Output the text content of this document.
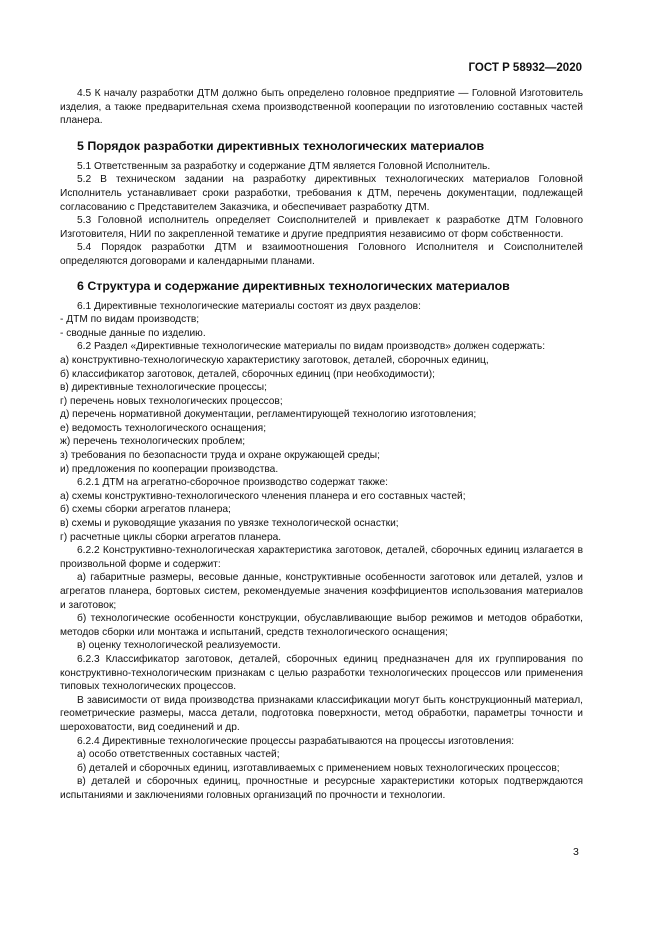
ГОСТ Р 58932—2020

4.5 К началу разработки ДТМ должно быть определено головное предприятие — Головной Изготовитель изделия, а также предварительная схема производственной кооперации по изготовлению составных частей планера.

5 Порядок разработки директивных технологических материалов

5.1 Ответственным за разработку и содержание ДТМ является Головной Исполнитель.

5.2 В техническом задании на разработку директивных технологических материалов Головной Исполнитель устанавливает сроки разработки, требования к ДТМ, перечень документации, подлежащей согласованию с Представителем Заказчика, и обеспечивает разработку ДТМ.

5.3 Головной исполнитель определяет Соисполнителей и привлекает к разработке ДТМ Головного Изготовителя, НИИ по закрепленной тематике и другие предприятия независимо от форм собственности.

5.4 Порядок разработки ДТМ и взаимоотношения Головного Исполнителя и Соисполнителей определяются договорами и календарными планами.

6 Структура и содержание директивных технологических материалов

6.1 Директивные технологические материалы состоят из двух разделов:

- ДТМ по видам производств;

- сводные данные по изделию.

6.2 Раздел «Директивные технологические материалы по видам производств» должен содержать:

а) конструктивно-технологическую характеристику заготовок, деталей, сборочных единиц,

б) классификатор заготовок, деталей, сборочных единиц (при необходимости);

в) директивные технологические процессы;

г) перечень новых технологических процессов;

д) перечень нормативной документации, регламентирующей технологию изготовления;

е) ведомость технологического оснащения;

ж) перечень технологических проблем;

з) требования по безопасности труда и охране окружающей среды;

и) предложения по кооперации производства.

6.2.1 ДТМ на агрегатно-сборочное производство содержат также:

а) схемы конструктивно-технологического членения планера и его составных частей;

б) схемы сборки агрегатов планера;

в) схемы и руководящие указания по увязке технологической оснастки;

г) расчетные циклы сборки агрегатов планера.

6.2.2 Конструктивно-технологическая характеристика заготовок, деталей, сборочных единиц излагается в произвольной форме и содержит:

а) габаритные размеры, весовые данные, конструктивные особенности заготовок или деталей, узлов и агрегатов планера, бортовых систем, рекомендуемые значения коэффициентов использования материалов и заготовок;

б) технологические особенности конструкции, обуславливающие выбор режимов и методов обработки, методов сборки или монтажа и испытаний, средств технологического оснащения;

в) оценку технологической реализуемости.

6.2.3 Классификатор заготовок, деталей, сборочных единиц предназначен для их группирования по конструктивно-технологическим признакам с целью разработки технологических процессов или применения типовых технологических процессов.

В зависимости от вида производства признаками классификации могут быть конструкционный материал, геометрические размеры, масса детали, подготовка поверхности, метод обработки, параметры точности и шероховатости, вид соединений и др.

6.2.4 Директивные технологические процессы разрабатываются на процессы изготовления:

а) особо ответственных составных частей;

б) деталей и сборочных единиц, изготавливаемых с применением новых технологических процессов;

в) деталей и сборочных единиц, прочностные и ресурсные характеристики которых подтверждаются испытаниями и заключениями головных организаций по прочности и технологии.

3
